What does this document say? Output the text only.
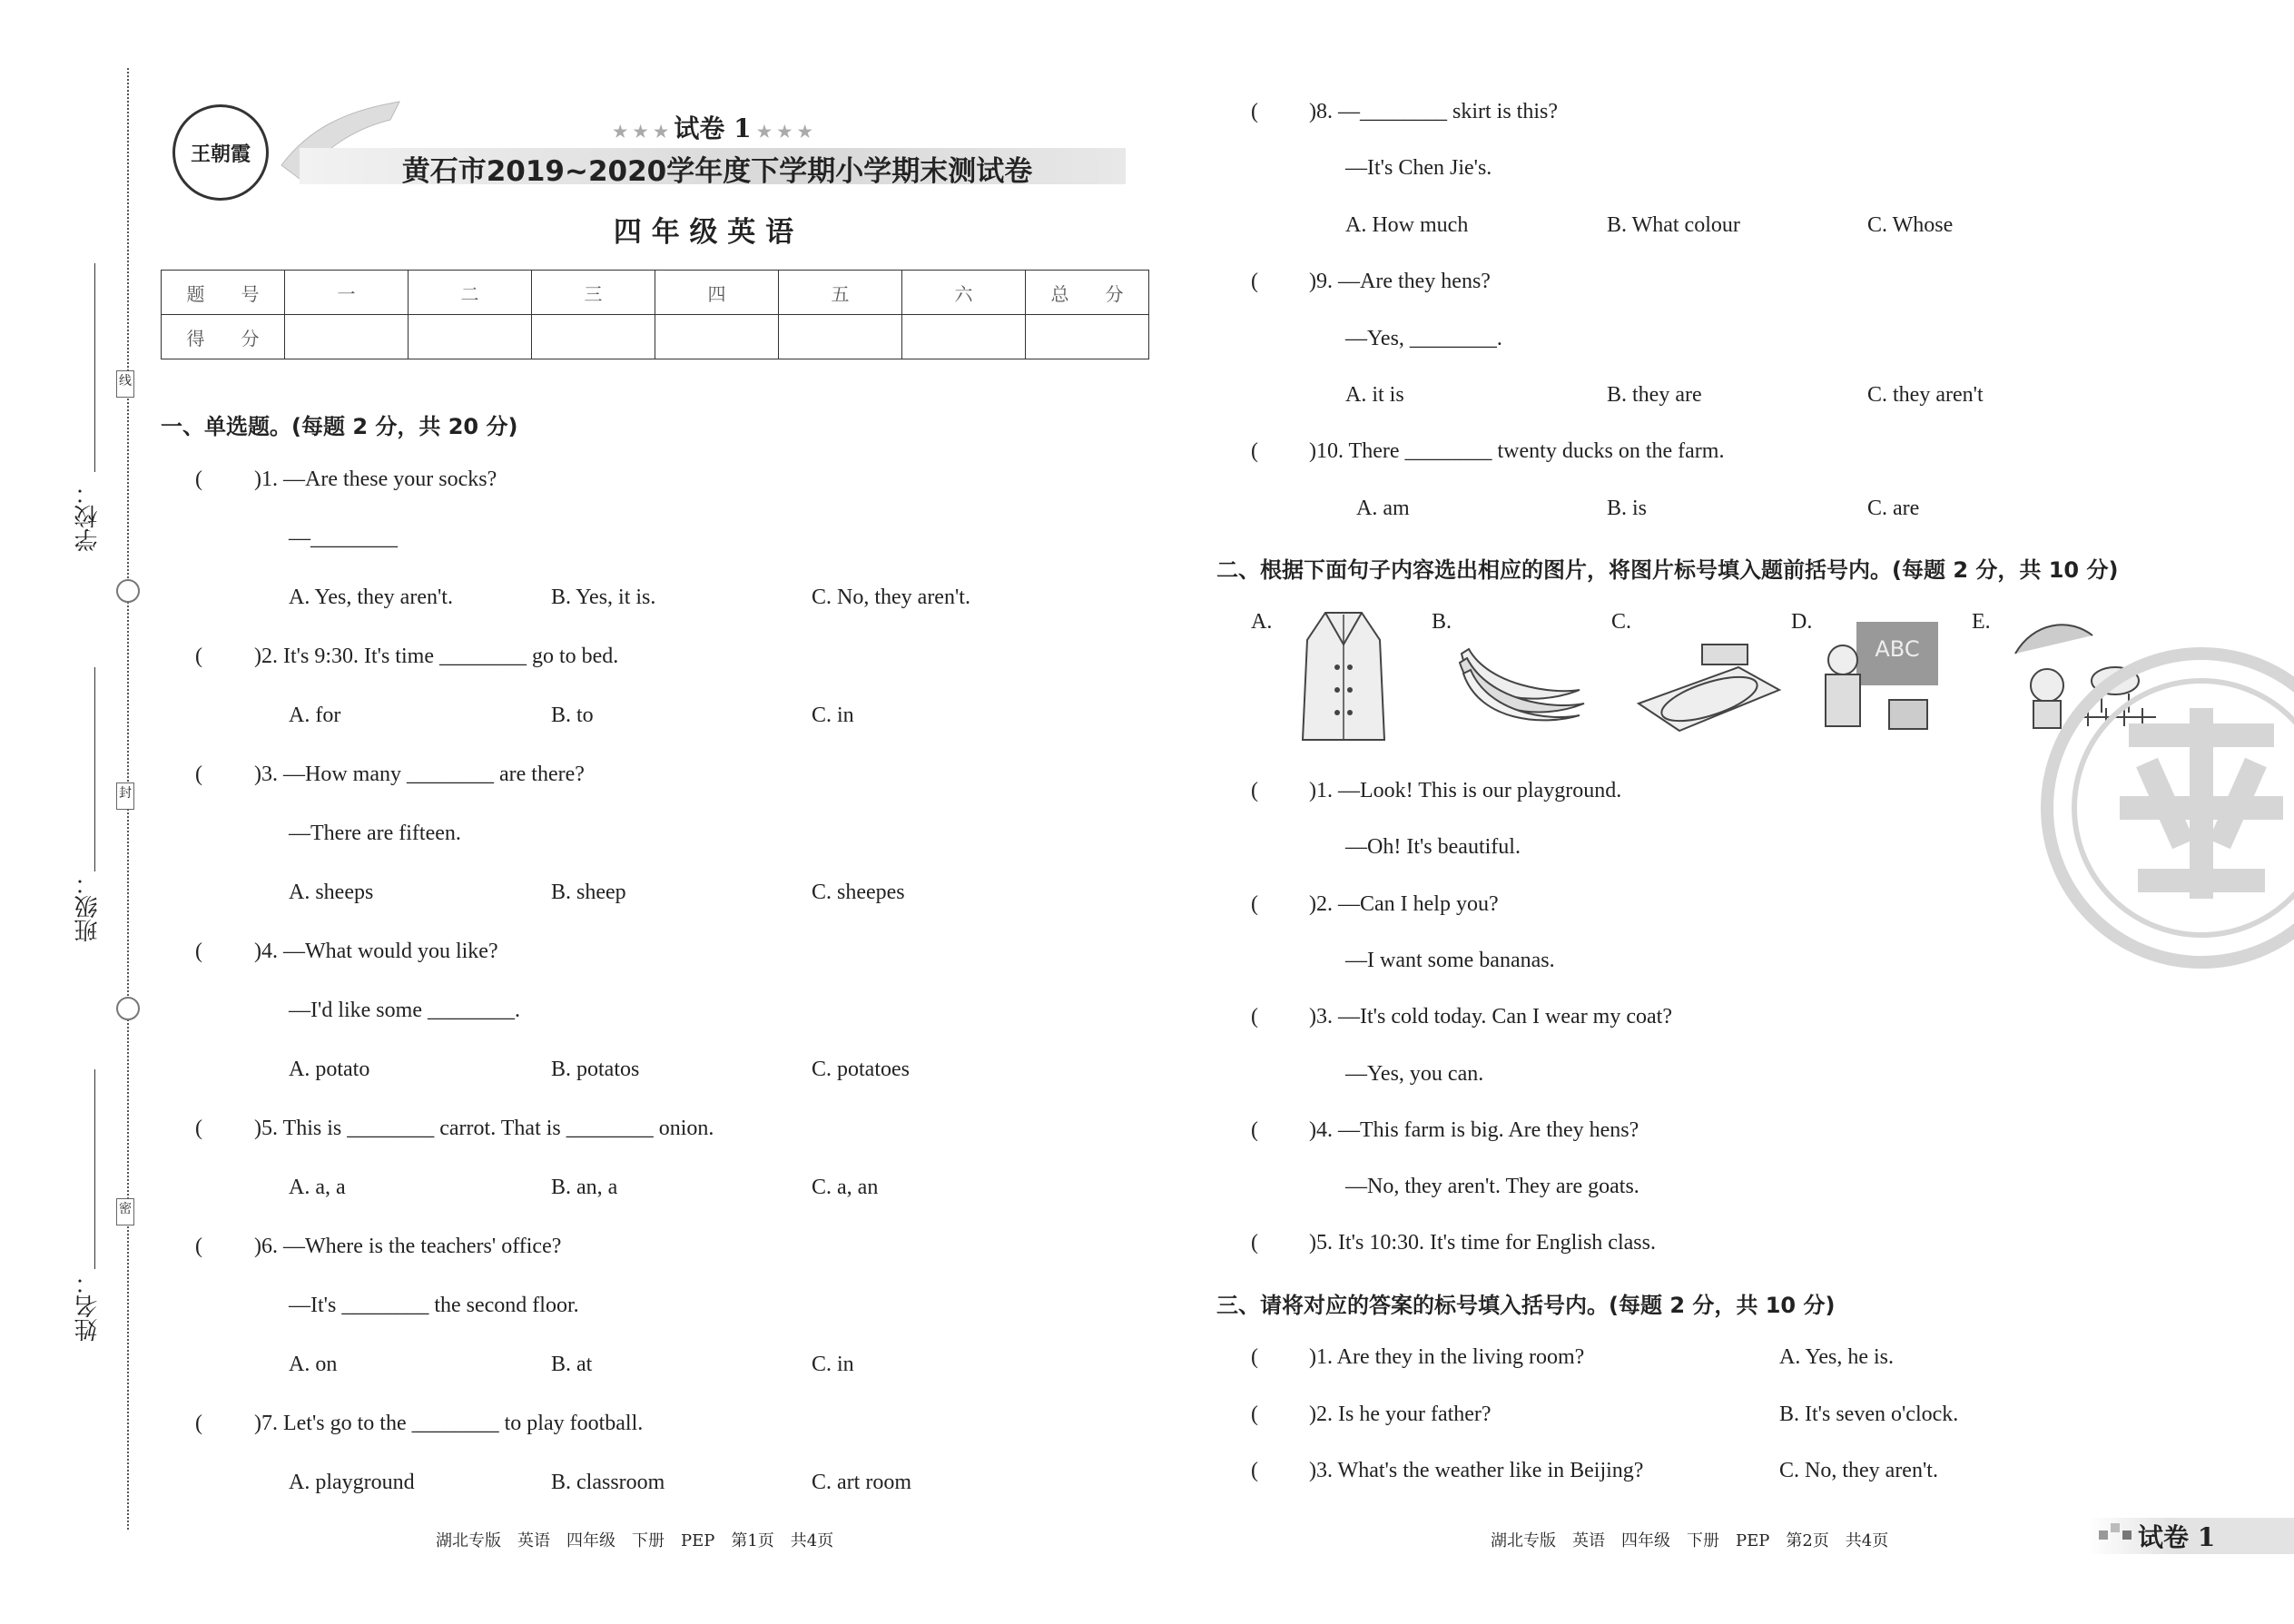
线
封
密
学校：
班级：
姓名：
王朝霞
★ ★ ★ 试卷 1 ★ ★ ★
黄石市2019~2020学年度下学期小学期末测试卷
四 年 级 英 语
题　　号	一	二	三	四	五	六	总　　分
得　　分							
一、单选题。(每题 2 分，共 20 分)
( )1. —Are these your socks?
—________
A. Yes, they aren't.	B. Yes, it is.	C. No, they aren't.
( )2. It's 9:30. It's time ________ go to bed.
A. for	B. to	C. in
( )3. —How many ________ are there?
—There are fifteen.
A. sheeps	B. sheep	C. sheepes
( )4. —What would you like?
—I'd like some ________.
A. potato	B. potatos	C. potatoes
( )5. This is ________ carrot. That is ________ onion.
A. a, a	B. an, a	C. a, an
( )6. —Where is the teachers' office?
—It's ________ the second floor.
A. on	B. at	C. in
( )7. Let's go to the ________ to play football.
A. playground	B. classroom	C. art room
湖北专版　英语　四年级　下册　PEP　第1页　共4页
( )8. —________ skirt is this?
—It's Chen Jie's.
A. How much	B. What colour	C. Whose
( )9. —Are they hens?
—Yes, ________.
A. it is	B. they are	C. they aren't
( )10. There ________ twenty ducks on the farm.
A. am	B. is	C. are
二、根据下面句子内容选出相应的图片，将图片标号填入题前括号内。(每题 2 分，共 10 分)
A.	B.	C.	D.
ABC
E.
( )1. —Look! This is our playground.
—Oh! It's beautiful.
( )2. —Can I help you?
—I want some bananas.
( )3. —It's cold today. Can I wear my coat?
—Yes, you can.
( )4. —This farm is big. Are they hens?
—No, they aren't. They are goats.
( )5. It's 10:30. It's time for English class.
三、请将对应的答案的标号填入括号内。(每题 2 分，共 10 分)
( )1. Are they in the living room?	A. Yes, he is.
( )2. Is he your father?	B. It's seven o'clock.
( )3. What's the weather like in Beijing?	C. No, they aren't.
湖北专版　英语　四年级　下册　PEP　第2页　共4页	试卷 1
